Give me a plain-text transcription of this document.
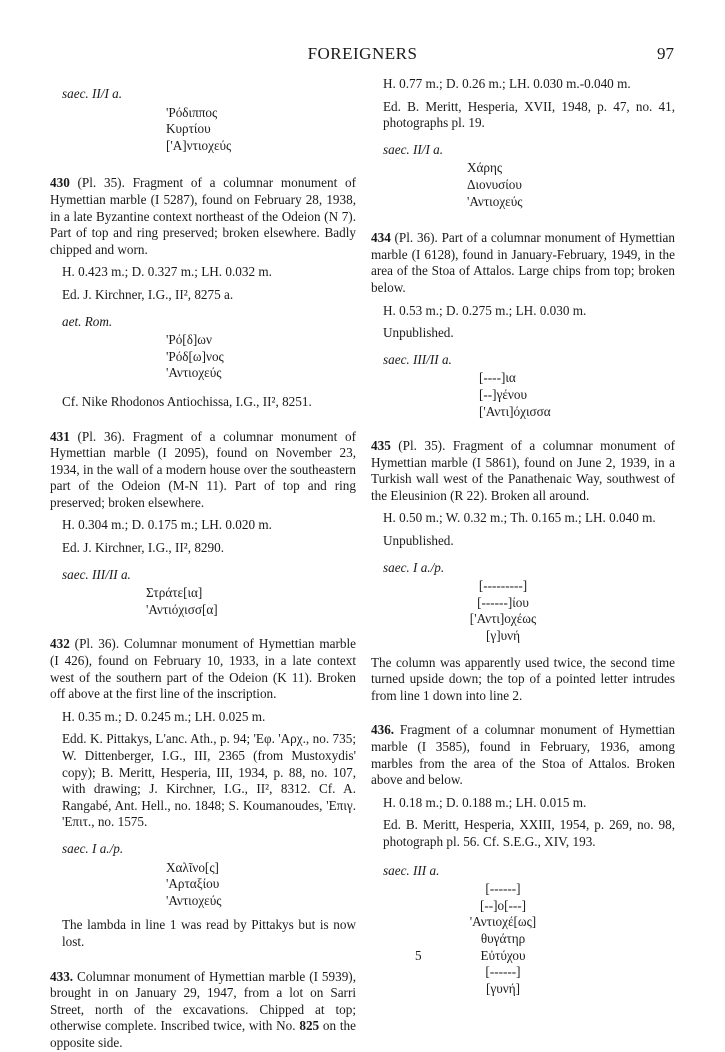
FOREIGNERS	97
saec. II/I a.
'Ρόδιππος
Κυρτίου
['Α]ντιοχεύς

430 (Pl. 35). Fragment of a columnar monument of Hymettian marble (I 5287), found on February 28, 1938, in a late Byzantine context northeast of the Odeion (N 7). Part of top and ring preserved; broken elsewhere. Badly chipped and worn.

H. 0.423 m.; D. 0.327 m.; LH. 0.032 m.

Ed. J. Kirchner, I.G., II², 8275 a.

aet. Rom.
'Ρό[δ]ων
'Ρόδ[ω]νος
'Αντιοχεύς

Cf. Nike Rhodonos Antiochissa, I.G., II², 8251.

431 (Pl. 36). Fragment of a columnar monument of Hymettian marble (I 2095), found on November 23, 1934, in the wall of a modern house over the southeastern part of the Odeion (M-N 11). Part of top and ring preserved; broken elsewhere.

H. 0.304 m.; D. 0.175 m.; LH. 0.020 m.

Ed. J. Kirchner, I.G., II², 8290.

saec. III/II a.
Στράτε[ια]
'Αντιόχισσ[α]

432 (Pl. 36). Columnar monument of Hymettian marble (I 426), found on February 10, 1933, in a late context west of the southern part of the Odeion (K 11). Broken off above at the first line of the inscription.

H. 0.35 m.; D. 0.245 m.; LH. 0.025 m.

Edd. K. Pittakys, L'anc. Ath., p. 94; 'Εφ. 'Αρχ., no. 735; W. Dittenberger, I.G., III, 2365 (from Mustoxydis' copy); B. Meritt, Hesperia, III, 1934, p. 88, no. 107, with drawing; J. Kirchner, I.G., II², 8312. Cf. A. Rangabé, Ant. Hell., no. 1848; S. Koumanoudes, 'Επιγ. 'Επιτ., no. 1575.

saec. I a./p.
Χαλῖνο[ς]
'Αρταξίου
'Αντιοχεύς

The lambda in line 1 was read by Pittakys but is now lost.

433. Columnar monument of Hymettian marble (I 5939), brought in on January 29, 1947, from a lot on Sarri Street, north of the excavations. Chipped at top; otherwise complete. Inscribed twice, with No. 825 on the opposite side.

H. 0.77 m.; D. 0.26 m.; LH. 0.030 m.-0.040 m.

Ed. B. Meritt, Hesperia, XVII, 1948, p. 47, no. 41, photographs pl. 19.

saec. II/I a.
Χάρης
Διονυσίου
'Αντιοχεύς

434 (Pl. 36). Part of a columnar monument of Hymettian marble (I 6128), found in January-February, 1949, in the area of the Stoa of Attalos. Large chips from top; broken below.

H. 0.53 m.; D. 0.275 m.; LH. 0.030 m.

Unpublished.

saec. III/II a.
[----]ια
[--]γένου
['Αντι]όχισσα

435 (Pl. 35). Fragment of a columnar monument of Hymettian marble (I 5861), found on June 2, 1939, in a Turkish wall west of the Panathenaic Way, southwest of the Eleusinion (R 22). Broken all around.

H. 0.50 m.; W. 0.32 m.; Th. 0.165 m.; LH. 0.040 m.

Unpublished.

saec. I a./p.
[---------]
[------]ίου
['Αντι]οχέως
[γ]υνή

The column was apparently used twice, the second time turned upside down; the top of a pointed letter intrudes from line 1 down into line 2.

436. Fragment of a columnar monument of Hymettian marble (I 3585), found in February, 1936, among marbles from the area of the Stoa of Attalos. Broken above and below.

H. 0.18 m.; D. 0.188 m.; LH. 0.015 m.

Ed. B. Meritt, Hesperia, XXIII, 1954, p. 269, no. 98, photograph pl. 56. Cf. S.E.G., XIV, 193.

saec. III a.
[------]
[--]ο[---]
'Αντιοχέ[ως]
θυγάτηρ
5	Εὐτύχου
[------]
[γυνή]
